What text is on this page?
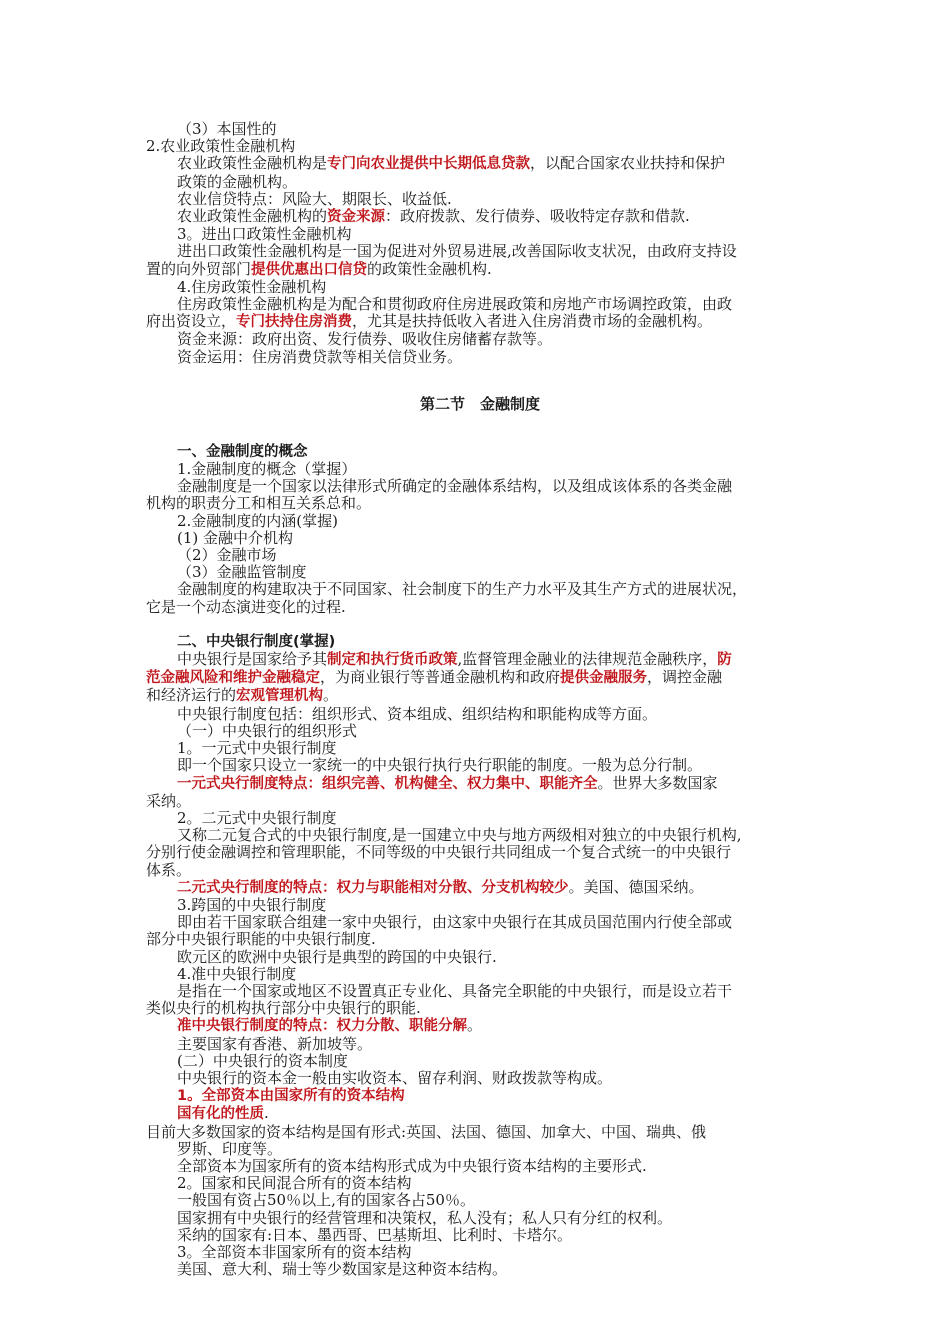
（3）本国性的

2.农业政策性金融机构

农业政策性金融机构是专门向农业提供中长期低息贷款，以配合国家农业扶持和保护

政策的金融机构。

农业信贷特点：风险大、期限长、收益低.

农业政策性金融机构的资金来源：政府拨款、发行债券、吸收特定存款和借款.

3。进出口政策性金融机构

进出口政策性金融机构是一国为促进对外贸易进展,改善国际收支状况，由政府支持设

置的向外贸部门提供优惠出口信贷的政策性金融机构.

4.住房政策性金融机构

住房政策性金融机构是为配合和贯彻政府住房进展政策和房地产市场调控政策，由政

府出资设立，专门扶持住房消费，尤其是扶持低收入者进入住房消费市场的金融机构。

资金来源：政府出资、发行债券、吸收住房储蓄存款等。

资金运用：住房消费贷款等相关信贷业务。

第二节　金融制度

一、金融制度的概念

1.金融制度的概念（掌握）

金融制度是一个国家以法律形式所确定的金融体系结构，以及组成该体系的各类金融

机构的职责分工和相互关系总和。

2.金融制度的内涵(掌握)

(1) 金融中介机构

（2）金融市场

（3）金融监管制度

金融制度的构建取决于不同国家、社会制度下的生产力水平及其生产方式的进展状况，

它是一个动态演进变化的过程.

二、中央银行制度(掌握)

中央银行是国家给予其制定和执行货币政策,监督管理金融业的法律规范金融秩序，防

范金融风险和维护金融稳定，为商业银行等普通金融机构和政府提供金融服务，调控金融

和经济运行的宏观管理机构。

中央银行制度包括：组织形式、资本组成、组织结构和职能构成等方面。

（一）中央银行的组织形式

1。一元式中央银行制度

即一个国家只设立一家统一的中央银行执行央行职能的制度。一般为总分行制。

一元式央行制度特点：组织完善、机构健全、权力集中、职能齐全。世界大多数国家

采纳。

2。二元式中央银行制度

又称二元复合式的中央银行制度,是一国建立中央与地方两级相对独立的中央银行机构,

分别行使金融调控和管理职能，不同等级的中央银行共同组成一个复合式统一的中央银行

体系。

二元式央行制度的特点：权力与职能相对分散、分支机构较少。美国、德国采纳。

3.跨国的中央银行制度

即由若干国家联合组建一家中央银行，由这家中央银行在其成员国范围内行使全部或

部分中央银行职能的中央银行制度.

欧元区的欧洲中央银行是典型的跨国的中央银行.

4.准中央银行制度

是指在一个国家或地区不设置真正专业化、具备完全职能的中央银行，而是设立若干

类似央行的机构执行部分中央银行的职能.

准中央银行制度的特点：权力分散、职能分解。

主要国家有香港、新加坡等。

(二）中央银行的资本制度

中央银行的资本金一般由实收资本、留存利润、财政拨款等构成。

1。全部资本由国家所有的资本结构

国有化的性质.

目前大多数国家的资本结构是国有形式:英国、法国、德国、加拿大、中国、瑞典、俄

罗斯、印度等。

全部资本为国家所有的资本结构形式成为中央银行资本结构的主要形式.

2。国家和民间混合所有的资本结构

一般国有资占50％以上,有的国家各占50％。

国家拥有中央银行的经营管理和决策权，私人没有；私人只有分红的权利。

采纳的国家有:日本、墨西哥、巴基斯坦、比利时、卡塔尔。

3。全部资本非国家所有的资本结构

美国、意大利、瑞士等少数国家是这种资本结构。
